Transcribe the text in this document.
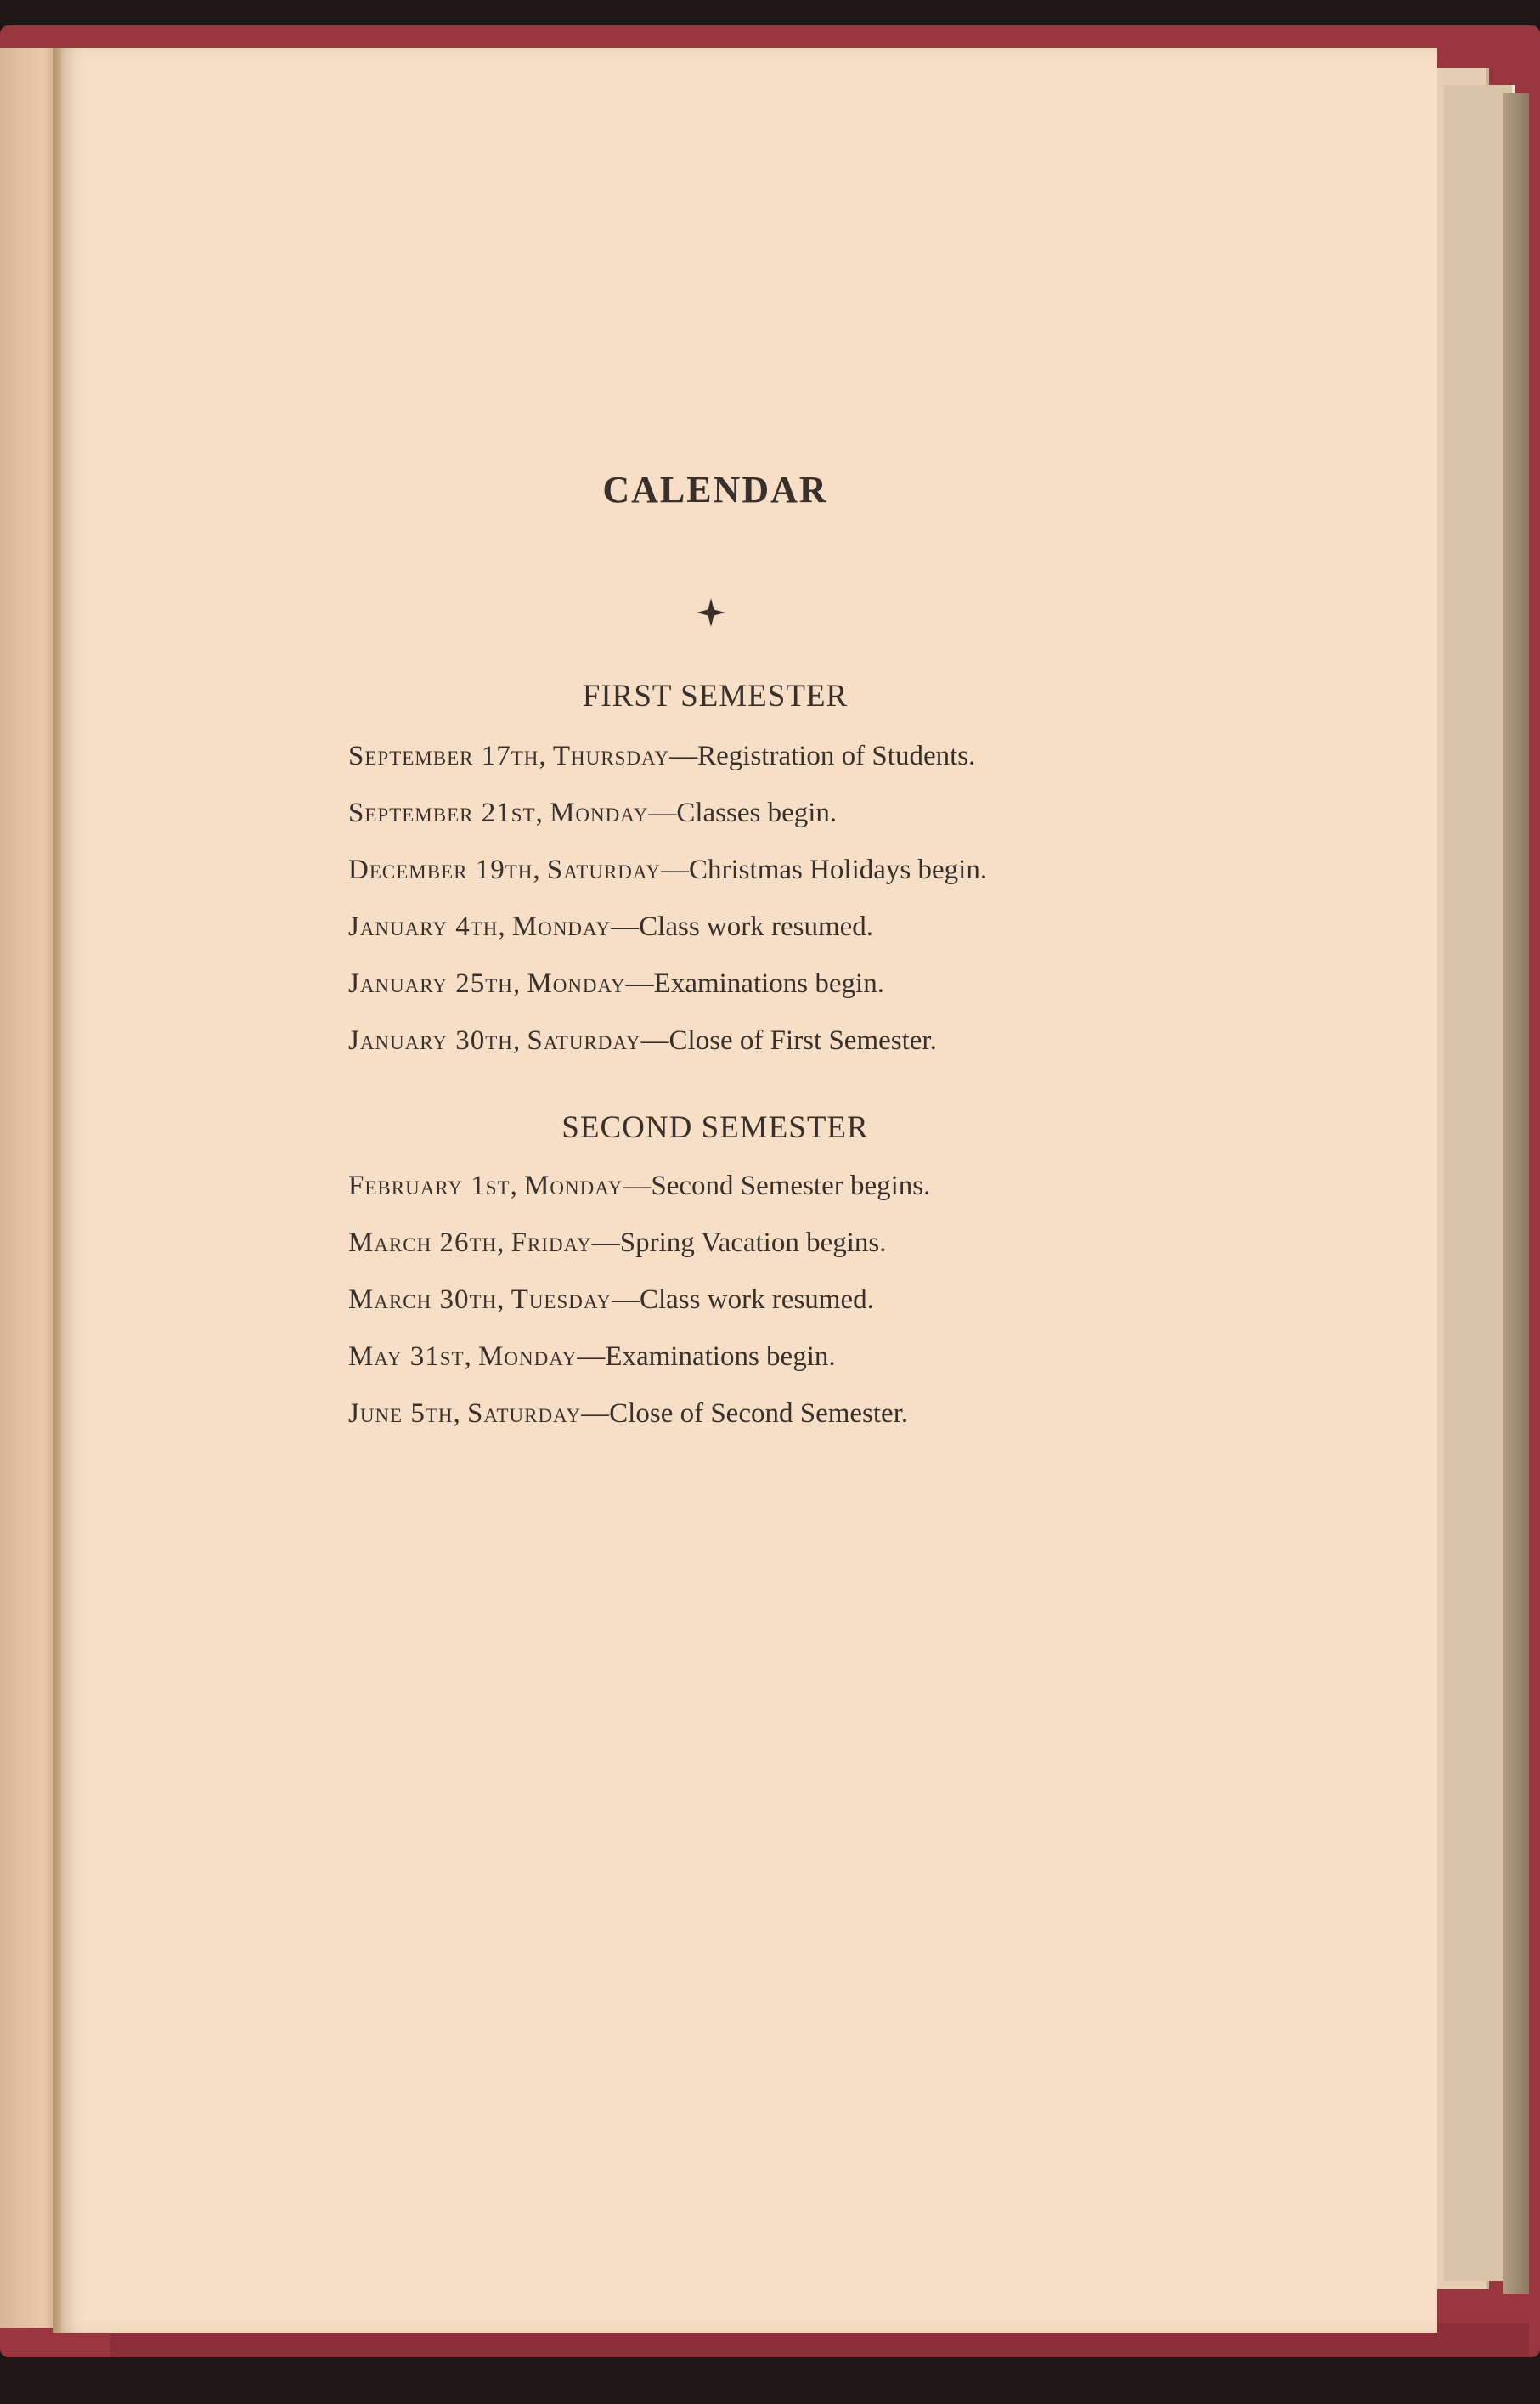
CALENDAR
FIRST SEMESTER
September 17th, Thursday—Registration of Students.
September 21st, Monday—Classes begin.
December 19th, Saturday—Christmas Holidays begin.
January 4th, Monday—Class work resumed.
January 25th, Monday—Examinations begin.
January 30th, Saturday—Close of First Semester.
SECOND SEMESTER
February 1st, Monday—Second Semester begins.
March 26th, Friday—Spring Vacation begins.
March 30th, Tuesday—Class work resumed.
May 31st, Monday—Examinations begin.
June 5th, Saturday—Close of Second Semester.
